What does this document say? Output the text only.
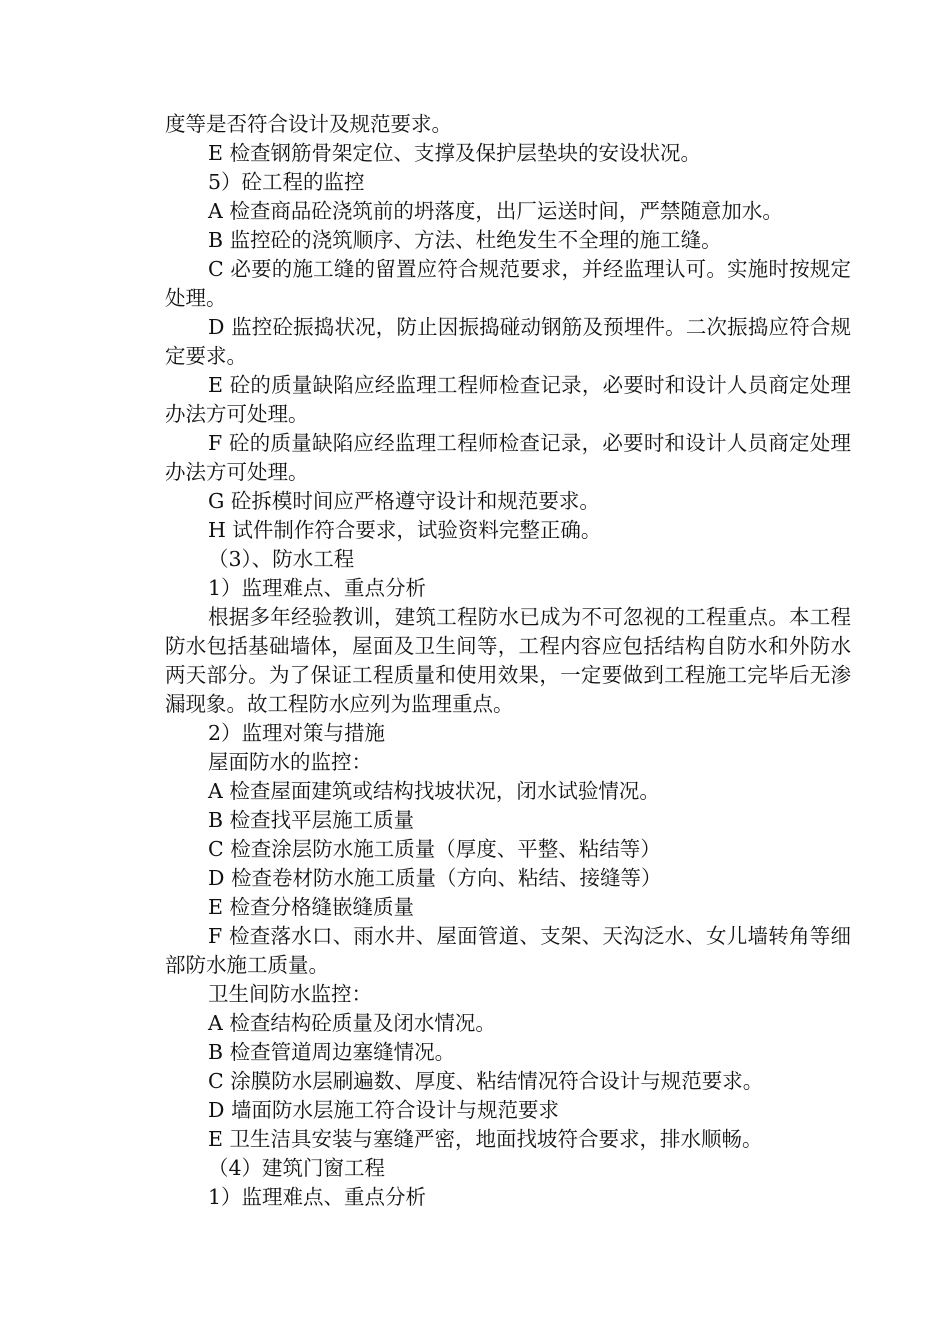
度等是否符合设计及规范要求。

E 检查钢筋骨架定位、支撑及保护层垫块的安设状况。

5）砼工程的监控

A 检查商品砼浇筑前的坍落度，出厂运送时间，严禁随意加水。

B 监控砼的浇筑顺序、方法、杜绝发生不全理的施工缝。

C 必要的施工缝的留置应符合规范要求，并经监理认可。实施时按规定处理。

D 监控砼振捣状况，防止因振捣碰动钢筋及预埋件。二次振捣应符合规定要求。

E 砼的质量缺陷应经监理工程师检查记录，必要时和设计人员商定处理办法方可处理。

F 砼的质量缺陷应经监理工程师检查记录，必要时和设计人员商定处理办法方可处理。

G 砼拆模时间应严格遵守设计和规范要求。

H 试件制作符合要求，试验资料完整正确。

（3）、防水工程

1）监理难点、重点分析

根据多年经验教训，建筑工程防水已成为不可忽视的工程重点。本工程防水包括基础墙体，屋面及卫生间等，工程内容应包括结构自防水和外防水两天部分。为了保证工程质量和使用效果，一定要做到工程施工完毕后无渗漏现象。故工程防水应列为监理重点。

2）监理对策与措施

屋面防水的监控：

A 检查屋面建筑或结构找坡状况，闭水试验情况。

B 检查找平层施工质量

C 检查涂层防水施工质量（厚度、平整、粘结等）

D 检查卷材防水施工质量（方向、粘结、接缝等）

E 检查分格缝嵌缝质量

F 检查落水口、雨水井、屋面管道、支架、天沟泛水、女儿墙转角等细部防水施工质量。

卫生间防水监控：

A 检查结构砼质量及闭水情况。

B 检查管道周边塞缝情况。

C 涂膜防水层刷遍数、厚度、粘结情况符合设计与规范要求。

D 墙面防水层施工符合设计与规范要求

E 卫生洁具安装与塞缝严密，地面找坡符合要求，排水顺畅。

（4）建筑门窗工程

1）监理难点、重点分析
